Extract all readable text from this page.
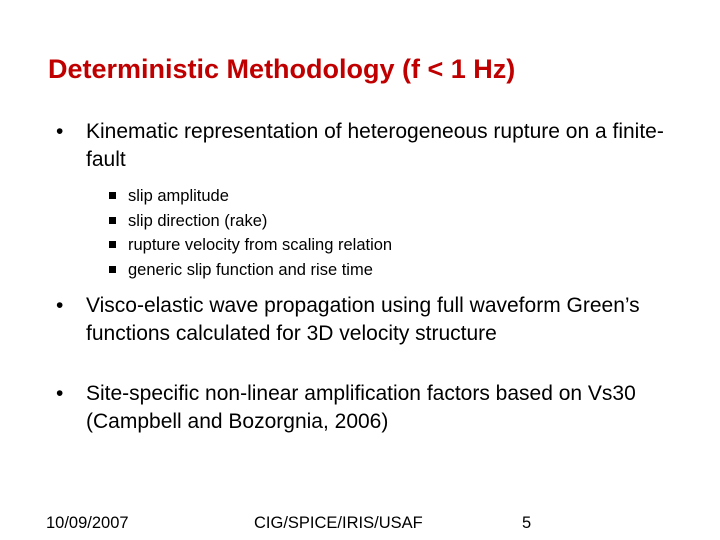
Deterministic Methodology (f < 1 Hz)
• Kinematic representation of heterogeneous rupture on a finite-fault
slip amplitude
slip direction (rake)
rupture velocity from scaling relation
generic slip function and rise time
• Visco-elastic wave propagation using full waveform Green’s functions calculated for 3D velocity structure
• Site-specific non-linear amplification factors based on Vs30 (Campbell and Bozorgnia, 2006)
10/09/2007	CIG/SPICE/IRIS/USAF	5
